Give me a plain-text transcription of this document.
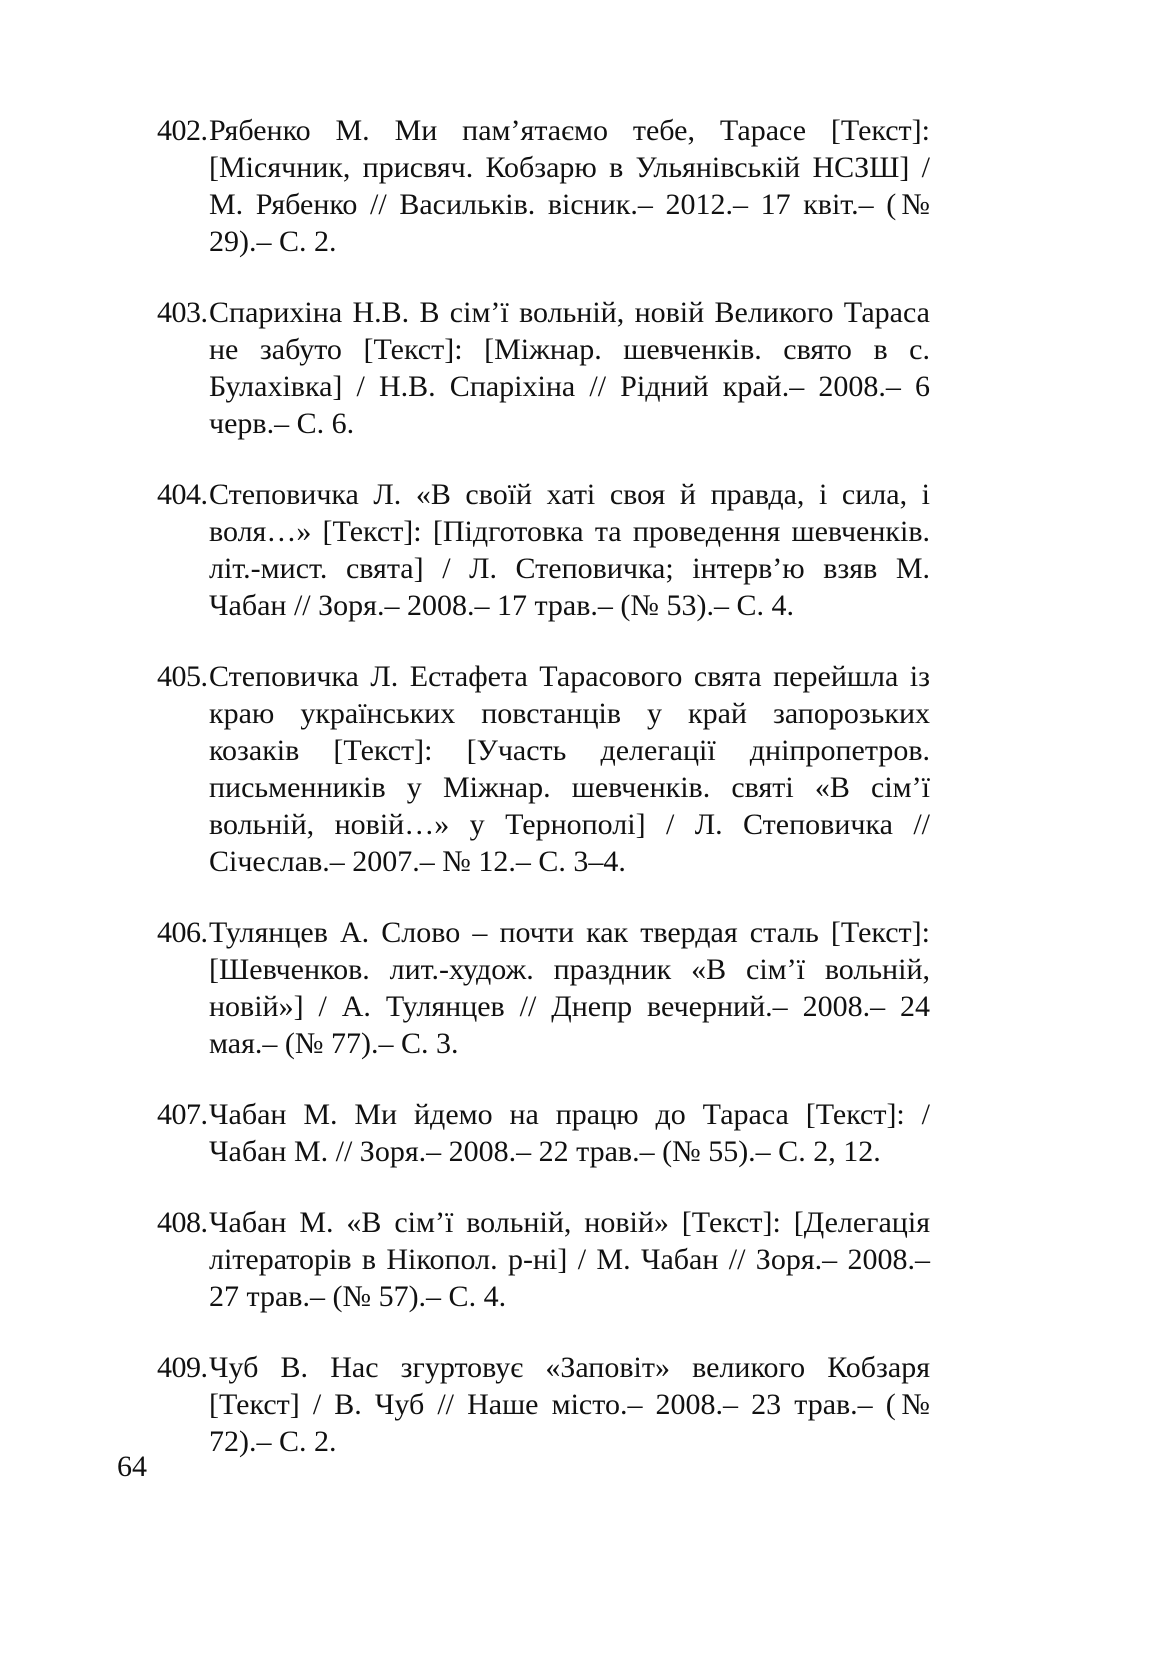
402. Рябенко М. Ми пам’ятаємо тебе, Тарасе [Текст]: [Місячник, присвяч. Кобзарю в Ульянівській НСЗШ] / М. Рябенко // Васильків. вісник.– 2012.– 17 квіт.– (№ 29).– С. 2.
403. Спарихіна Н.В. В сім’ї вольній, новій Великого Тараса не забуто [Текст]: [Міжнар. шевченків. свято в с. Булахівка] / Н.В. Спаріхіна // Рідний край.– 2008.– 6 черв.– С. 6.
404. Степовичка Л. «В своїй хаті своя й правда, і сила, і воля…» [Текст]: [Підготовка та проведення шевченків. літ.-мист. свята] / Л. Степовичка; інтерв’ю взяв М. Чабан // Зоря.– 2008.– 17 трав.– (№ 53).– С. 4.
405. Степовичка Л. Естафета Тарасового свята перейшла із краю українських повстанців у край запорозьких козаків [Текст]: [Участь делегації дніпропетров. письменників у Міжнар. шевченків. святі «В сім’ї вольній, новій…» у Тернополі] / Л. Степовичка // Січеслав.– 2007.– № 12.– С. 3–4.
406. Тулянцев А. Слово – почти как твердая сталь [Текст]: [Шевченков. лит.-худож. праздник «В сім’ї вольній, новій»] / А. Тулянцев // Днепр вечерний.– 2008.– 24 мая.– (№ 77).– С. 3.
407. Чабан М. Ми йдемо на працю до Тараса [Текст]: / Чабан М. // Зоря.– 2008.– 22 трав.– (№ 55).– С. 2, 12.
408. Чабан М. «В сім’ї вольній, новій» [Текст]: [Делегація літераторів в Нікопол. р-ні] / М. Чабан // Зоря.– 2008.– 27 трав.– (№ 57).– С. 4.
409. Чуб В. Нас згуртовує «Заповіт» великого Кобзаря [Текст] / В. Чуб // Наше місто.– 2008.– 23 трав.– (№ 72).– С. 2.
64
